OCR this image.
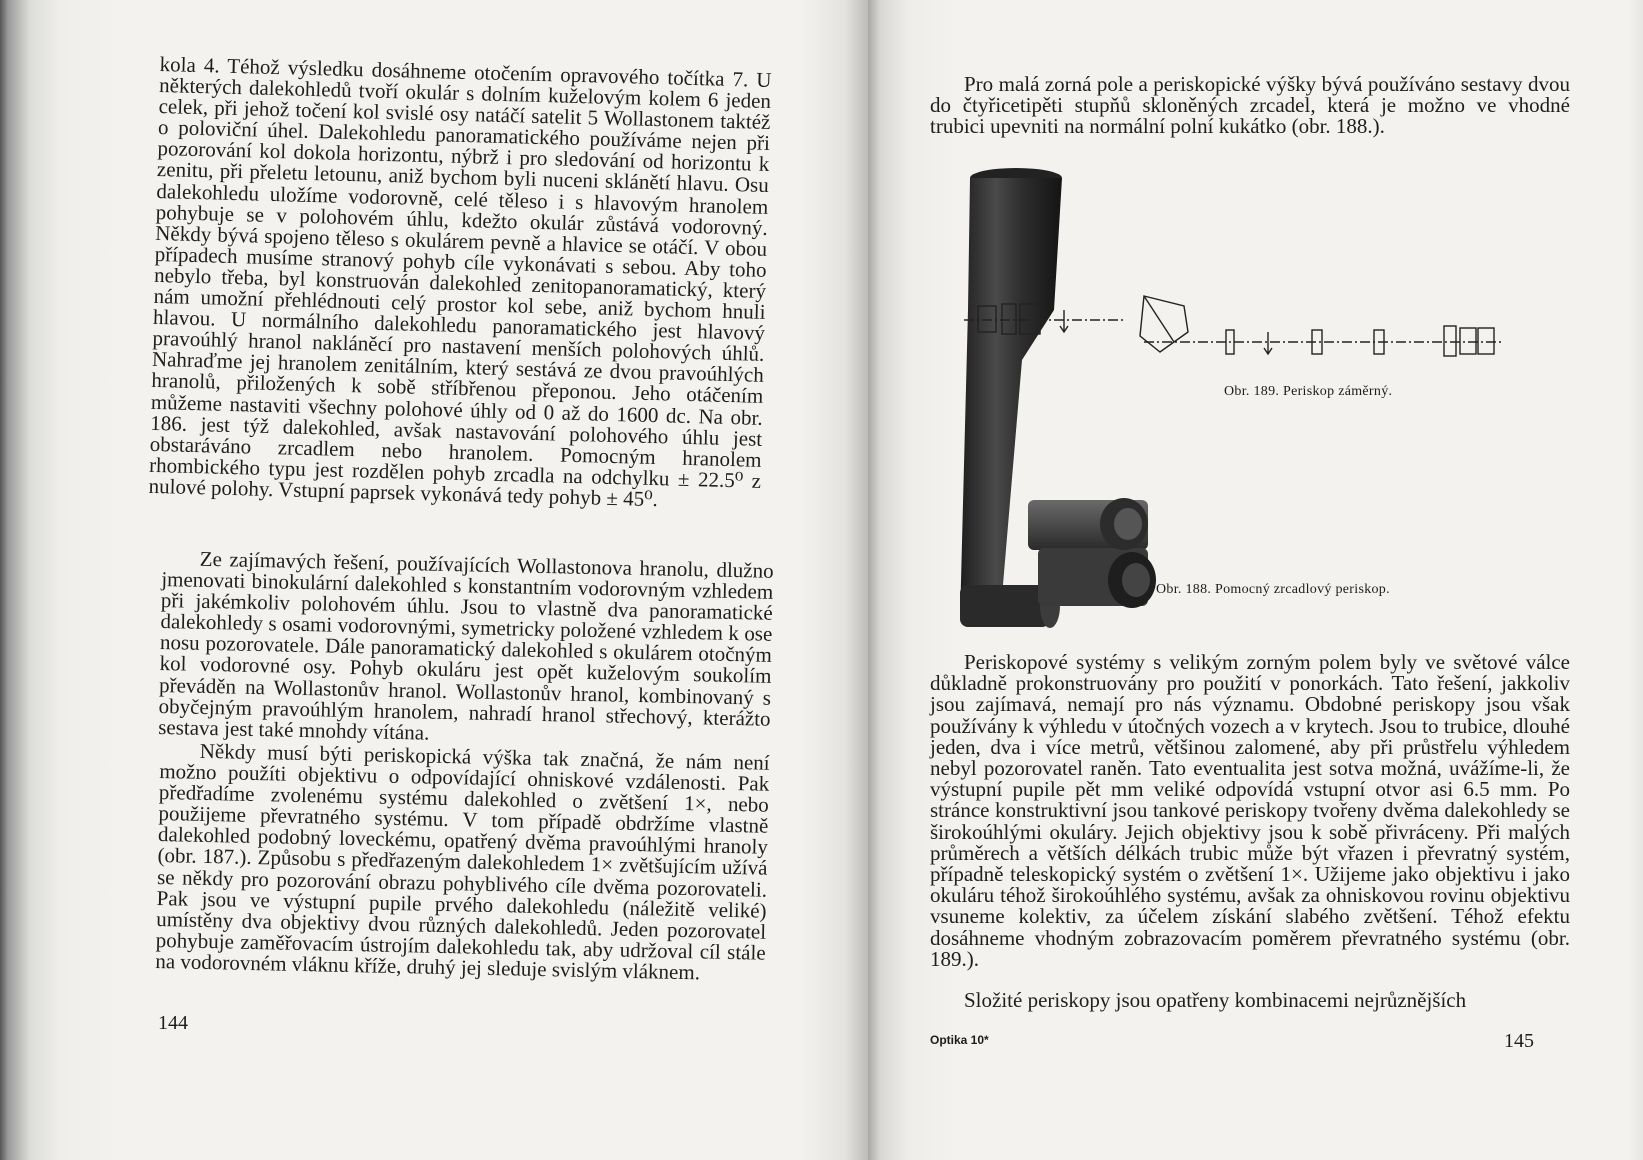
kola 4. Téhož výsledku dosáhneme otočením opravového točítka 7. U některých dalekohledů tvoří okulár s dolním kuželovým kolem 6 jeden celek, při jehož točení kol svislé osy natáčí satelit 5 Wollastonem taktéž o poloviční úhel. Dalekohledu panoramatického používáme nejen při pozorování kol dokola horizontu, nýbrž i pro sledování od horizontu k zenitu, při přeletu letounu, aniž bychom byli nuceni sklánětí hlavu. Osu dalekohledu uložíme vodorovně, celé těleso i s hlavovým hranolem pohybuje se v polohovém úhlu, kdežto okulár zůstává vodorovný. Někdy bývá spojeno těleso s okulárem pevně a hlavice se otáčí. V obou případech musíme stranový pohyb cíle vykonávati s sebou. Aby toho nebylo třeba, byl konstruován dalekohled zenitopanoramatický, který nám umožní přehlédnouti celý prostor kol sebe, aniž bychom hnuli hlavou. U normálního dalekohledu panoramatického jest hlavový pravoúhlý hranol nakláněcí pro nastavení menších polohových úhlů. Nahraďme jej hranolem zenitálním, který sestává ze dvou pravoúhlých hranolů, přiložených k sobě stříbřenou přeponou. Jeho otáčením můžeme nastaviti všechny polohové úhly od 0 až do 1600 dc. Na obr. 186. jest týž dalekohled, avšak nastavování polohového úhlu jest obstaráváno zrcadlem nebo hranolem. Pomocným hranolem rhombického typu jest rozdělen pohyb zrcadla na odchylku ± 22.5⁰ z nulové polohy. Vstupní paprsek vykonává tedy pohyb ± 45⁰.

Ze zajímavých řešení, používajících Wollastonova hranolu, dlužno jmenovati binokulární dalekohled s konstantním vodorovným vzhledem při jakémkoliv polohovém úhlu. Jsou to vlastně dva panoramatické dalekohledy s osami vodorovnými, symetricky položené vzhledem k ose nosu pozorovatele. Dále panoramatický dalekohled s okulárem otočným kol vodorovné osy. Pohyb okuláru jest opět kuželovým soukolím převáděn na Wollastonův hranol. Wollastonův hranol, kombinovaný s obyčejným pravoúhlým hranolem, nahradí hranol střechový, kterážto sestava jest také mnohdy vítána.

Někdy musí býti periskopická výška tak značná, že nám není možno použíti objektivu o odpovídající ohniskové vzdálenosti. Pak předřadíme zvolenému systému dalekohled o zvětšení 1×, nebo použijeme převratného systému. V tom případě obdržíme vlastně dalekohled podobný loveckému, opatřený dvěma pravoúhlými hranoly (obr. 187.). Způsobu s předřazeným dalekohledem 1× zvětšujícím užívá se někdy pro pozorování obrazu pohyblivého cíle dvěma pozorovateli. Pak jsou ve výstupní pupile prvého dalekohledu (náležitě veliké) umístěny dva objektivy dvou různých dalekohledů. Jeden pozorovatel pohybuje zaměřovacím ústrojím dalekohledu tak, aby udržoval cíl stále na vodorovném vláknu kříže, druhý jej sleduje svislým vláknem.

144

Pro malá zorná pole a periskopické výšky bývá používáno sestavy dvou do čtyřicetipěti stupňů skloněných zrcadel, která je možno ve vhodné trubici upevniti na normální polní kukátko (obr. 188.).

Obr. 189. Periskop záměrný.
Obr. 188. Pomocný zrcadlový periskop.

Periskopové systémy s velikým zorným polem byly ve světové válce důkladně prokonstruovány pro použití v ponorkách. Tato řešení, jakkoliv jsou zajímavá, nemají pro nás významu. Obdobné periskopy jsou však používány k výhledu v útočných vozech a v krytech. Jsou to trubice, dlouhé jeden, dva i více metrů, většinou zalomené, aby při průstřelu výhledem nebyl pozorovatel raněn. Tato eventualita jest sotva možná, uvážíme-li, že výstupní pupile pět mm veliké odpovídá vstupní otvor asi 6.5 mm. Po stránce konstruktivní jsou tankové periskopy tvořeny dvěma dalekohledy se širokoúhlými okuláry. Jejich objektivy jsou k sobě přivráceny. Při malých průměrech a větších délkách trubic může být vřazen i převratný systém, případně teleskopický systém o zvětšení 1×. Užijeme jako objektivu i jako okuláru téhož širokoúhlého systému, avšak za ohniskovou rovinu objektivu vsuneme kolektiv, za účelem získání slabého zvětšení. Téhož efektu dosáhneme vhodným zobrazovacím poměrem převratného systému (obr. 189.).

Složité periskopy jsou opatřeny kombinacemi nejrůznějších

Optika 10*	145
